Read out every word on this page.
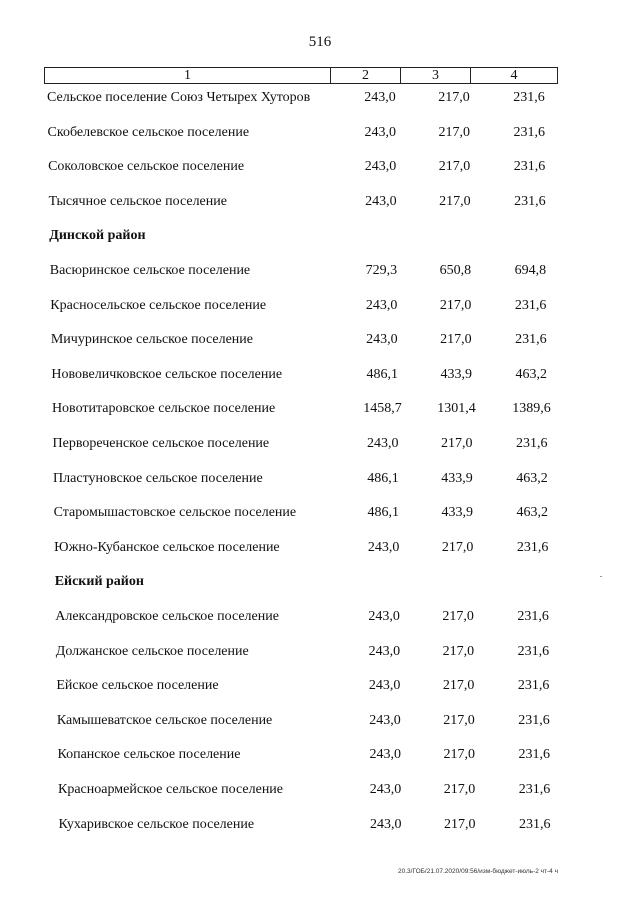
516
1	2	3	4
Сельское поселение Союз Четырех Хуторов	243,0	217,0	231,6
Скобелевское сельское поселение	243,0	217,0	231,6
Соколовское сельское поселение	243,0	217,0	231,6
Тысячное сельское поселение	243,0	217,0	231,6
Динской район
Васюринское сельское поселение	729,3	650,8	694,8
Красносельское сельское поселение	243,0	217,0	231,6
Мичуринское сельское поселение	243,0	217,0	231,6
Нововеличковское сельское поселение	486,1	433,9	463,2
Новотитаровское сельское поселение	1458,7	1301,4	1389,6
Первореченское сельское поселение	243,0	217,0	231,6
Пластуновское сельское поселение	486,1	433,9	463,2
Старомышастовское сельское поселение	486,1	433,9	463,2
Южно-Кубанское сельское поселение	243,0	217,0	231,6
Ейский район
Александровское сельское поселение	243,0	217,0	231,6
Должанское сельское поселение	243,0	217,0	231,6
Ейское сельское поселение	243,0	217,0	231,6
Камышеватское сельское поселение	243,0	217,0	231,6
Копанское сельское поселение	243,0	217,0	231,6
Красноармейское сельское поселение	243,0	217,0	231,6
Кухаривское сельское поселение	243,0	217,0	231,6
20.3/ГОБ/21.07.2020/09:56/изм-бюджет-июль-2 чт-4 ч
